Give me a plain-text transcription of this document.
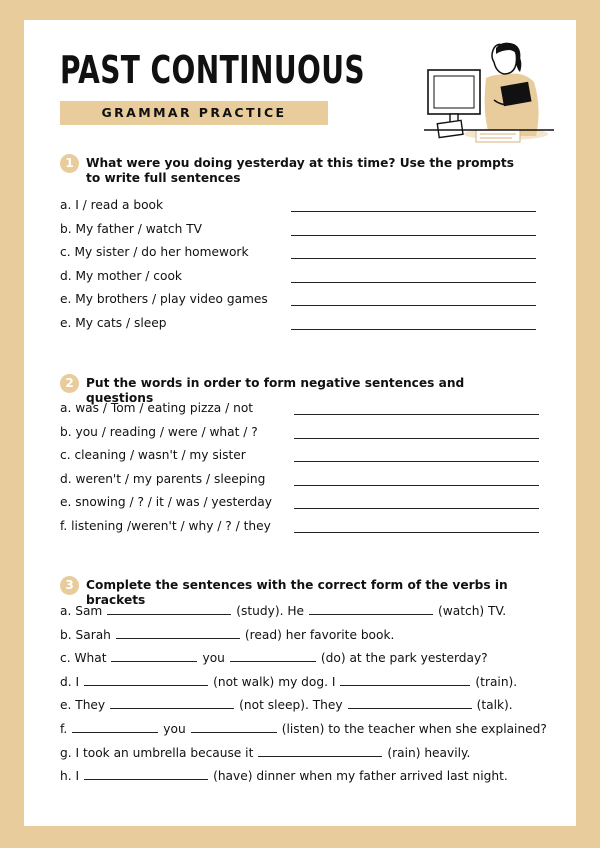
PAST CONTINUOUS
GRAMMAR PRACTICE
1	What were you doing yesterday at this time? Use the prompts to write full sentences
a. I / read a book
b. My father / watch TV
c. My sister / do her homework
d. My mother / cook
e. My brothers / play video games
e. My cats / sleep
2	Put the words in order to form negative sentences and questions
a. was / Tom / eating pizza / not
b. you / reading / were / what / ?
c. cleaning / wasn't / my sister
d. weren't / my parents / sleeping
e. snowing / ? / it / was / yesterday
f. listening /weren't / why / ? / they
3	Complete the sentences with the correct form of the verbs in brackets
a. Sam	(study). He	(watch) TV.
b. Sarah	(read) her favorite book.
c. What	you	(do) at the park yesterday?
d. I	(not walk) my dog. I	(train).
e. They	(not sleep). They	(talk).
f.	you	(listen) to the teacher when she explained?
g. I took an umbrella because it	(rain) heavily.
h. I	(have) dinner when my father arrived last night.
